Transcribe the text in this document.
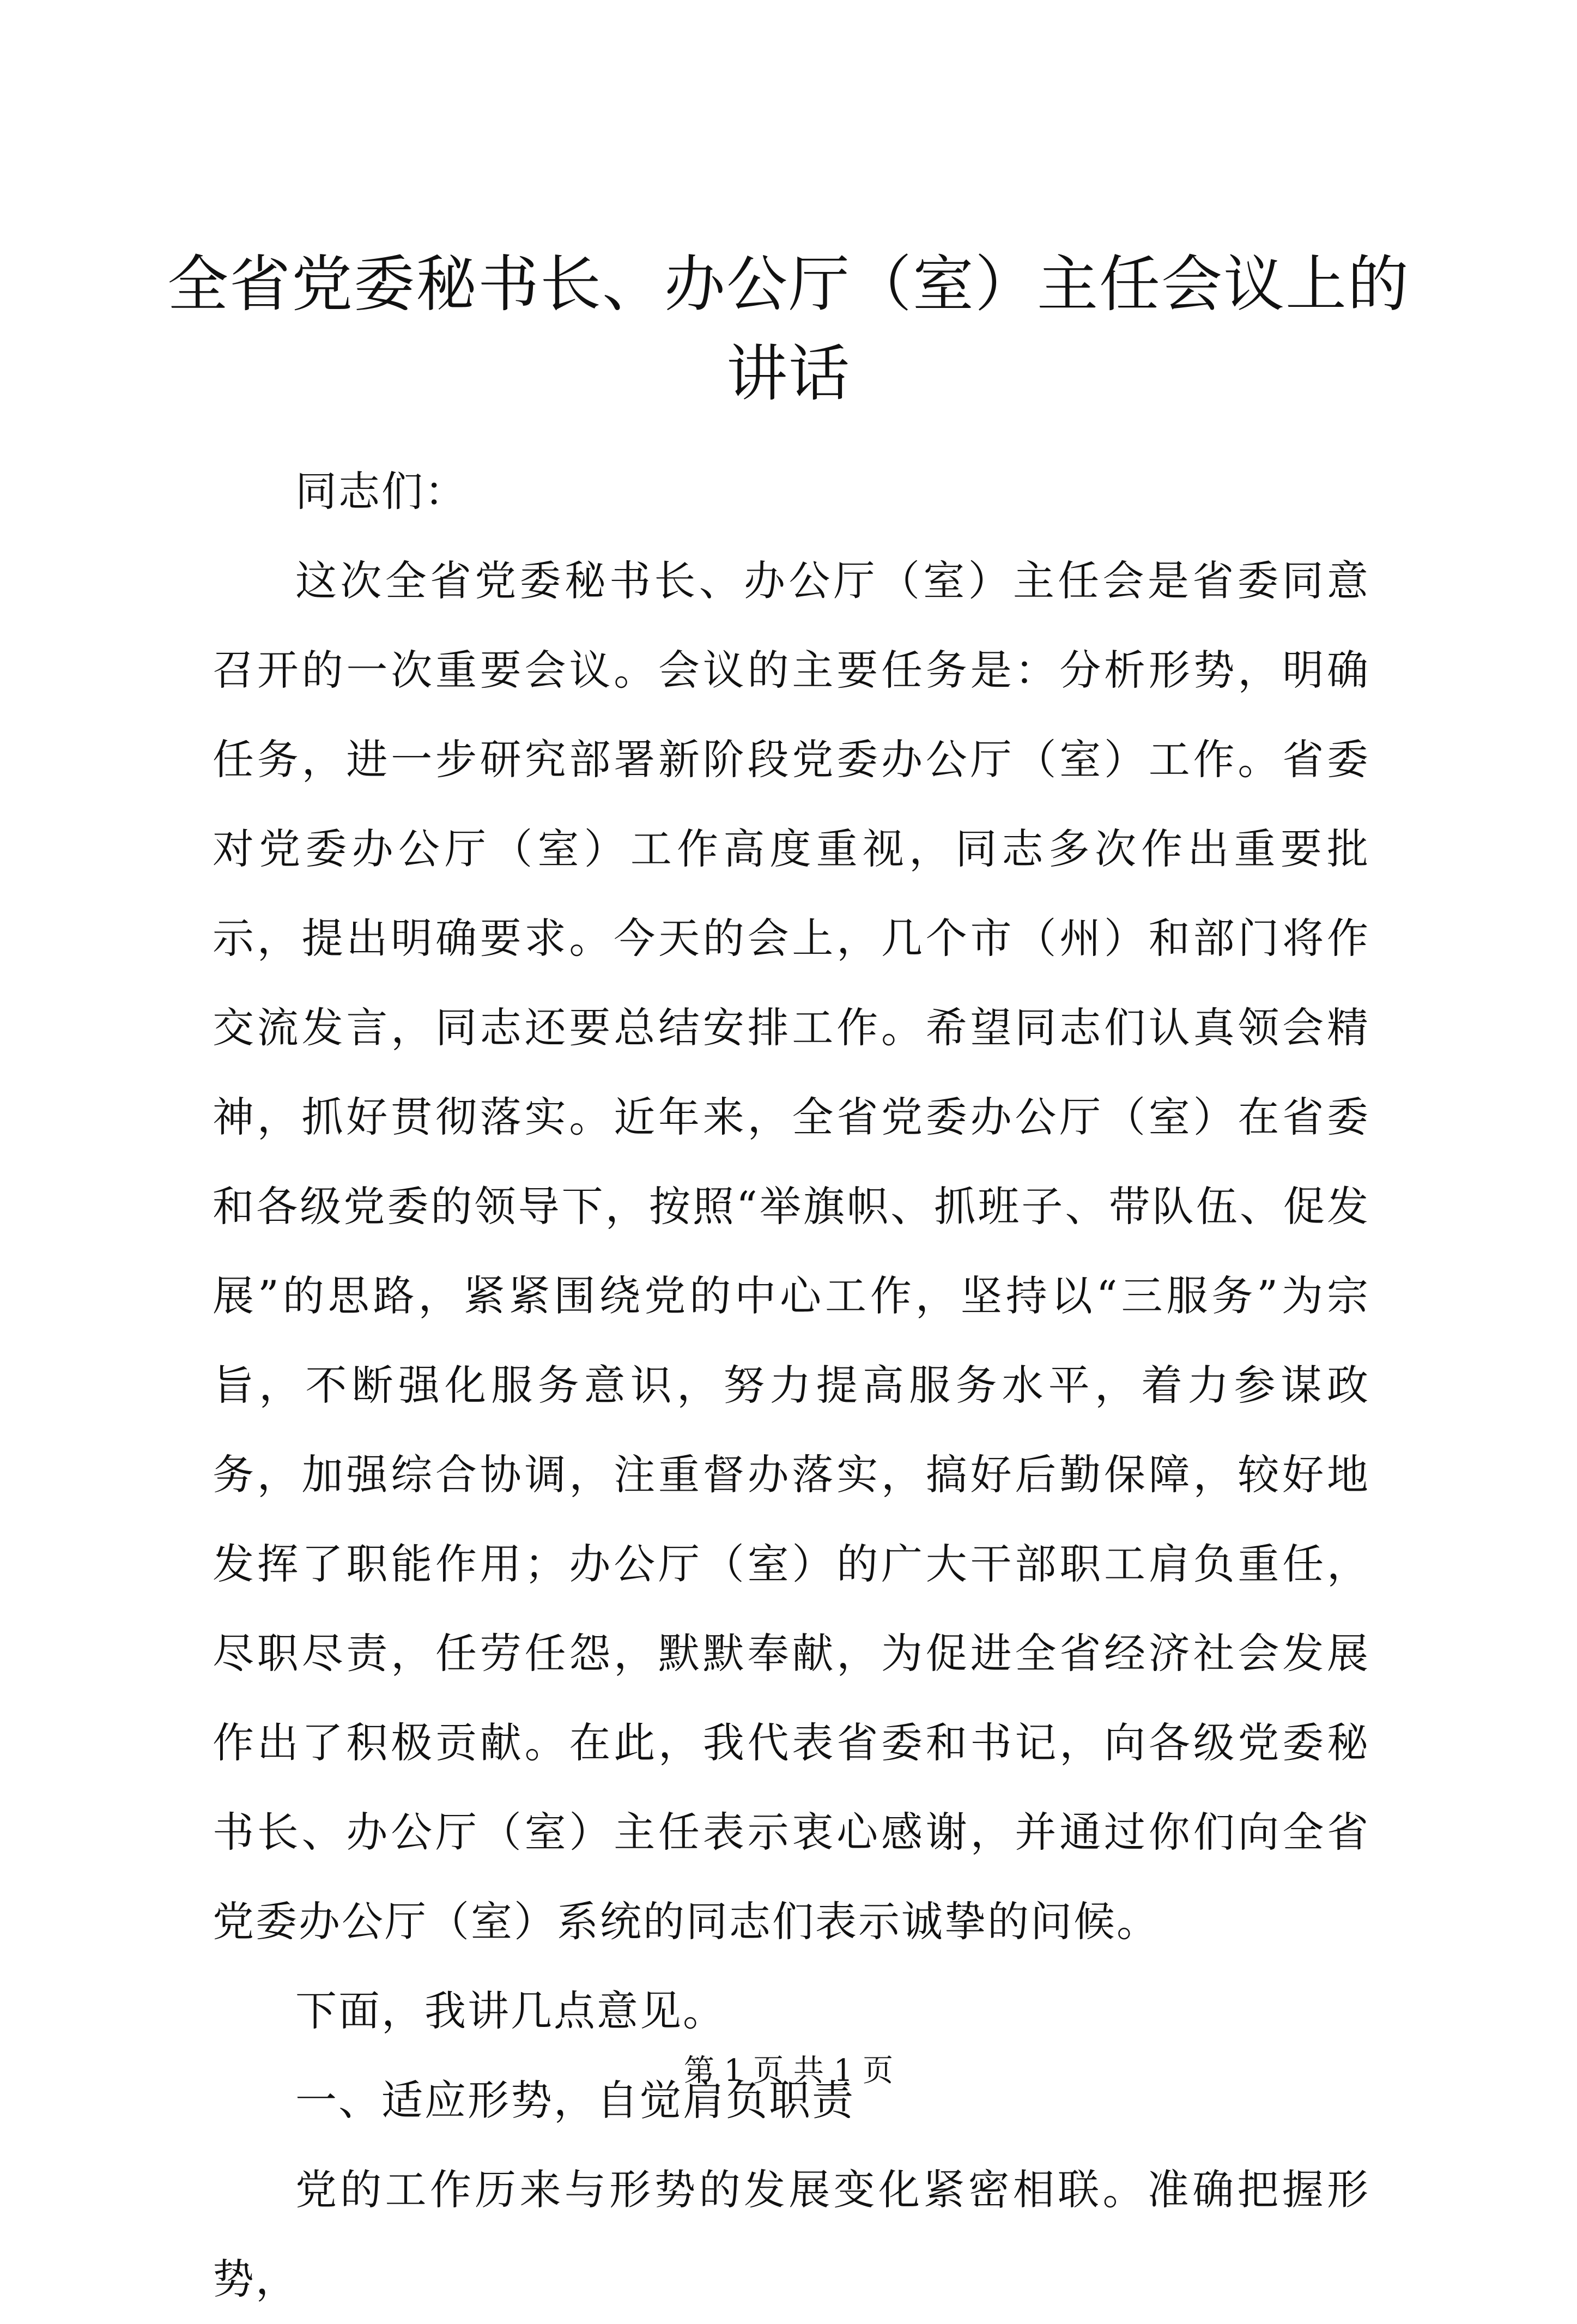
全省党委秘书长、办公厅（室）主任会议上的
讲话

同志们：

这次全省党委秘书长、办公厅（室）主任会是省委同意召开的一次重要会议。会议的主要任务是：分析形势，明确任务，进一步研究部署新阶段党委办公厅（室）工作。省委对党委办公厅（室）工作高度重视，同志多次作出重要批示，提出明确要求。今天的会上，几个市（州）和部门将作交流发言，同志还要总结安排工作。希望同志们认真领会精神，抓好贯彻落实。近年来，全省党委办公厅（室）在省委和各级党委的领导下，按照“举旗帜、抓班子、带队伍、促发展”的思路，紧紧围绕党的中心工作，坚持以“三服务”为宗旨，不断强化服务意识，努力提高服务水平，着力参谋政务，加强综合协调，注重督办落实，搞好后勤保障，较好地发挥了职能作用；办公厅（室）的广大干部职工肩负重任，尽职尽责，任劳任怨，默默奉献，为促进全省经济社会发展作出了积极贡献。在此，我代表省委和书记，向各级党委秘书长、办公厅（室）主任表示衷心感谢，并通过你们向全省党委办公厅（室）系统的同志们表示诚挚的问候。

下面，我讲几点意见。

一、适应形势，自觉肩负职责

党的工作历来与形势的发展变化紧密相联。准确把握形势，

第 1 页 共 1 页
